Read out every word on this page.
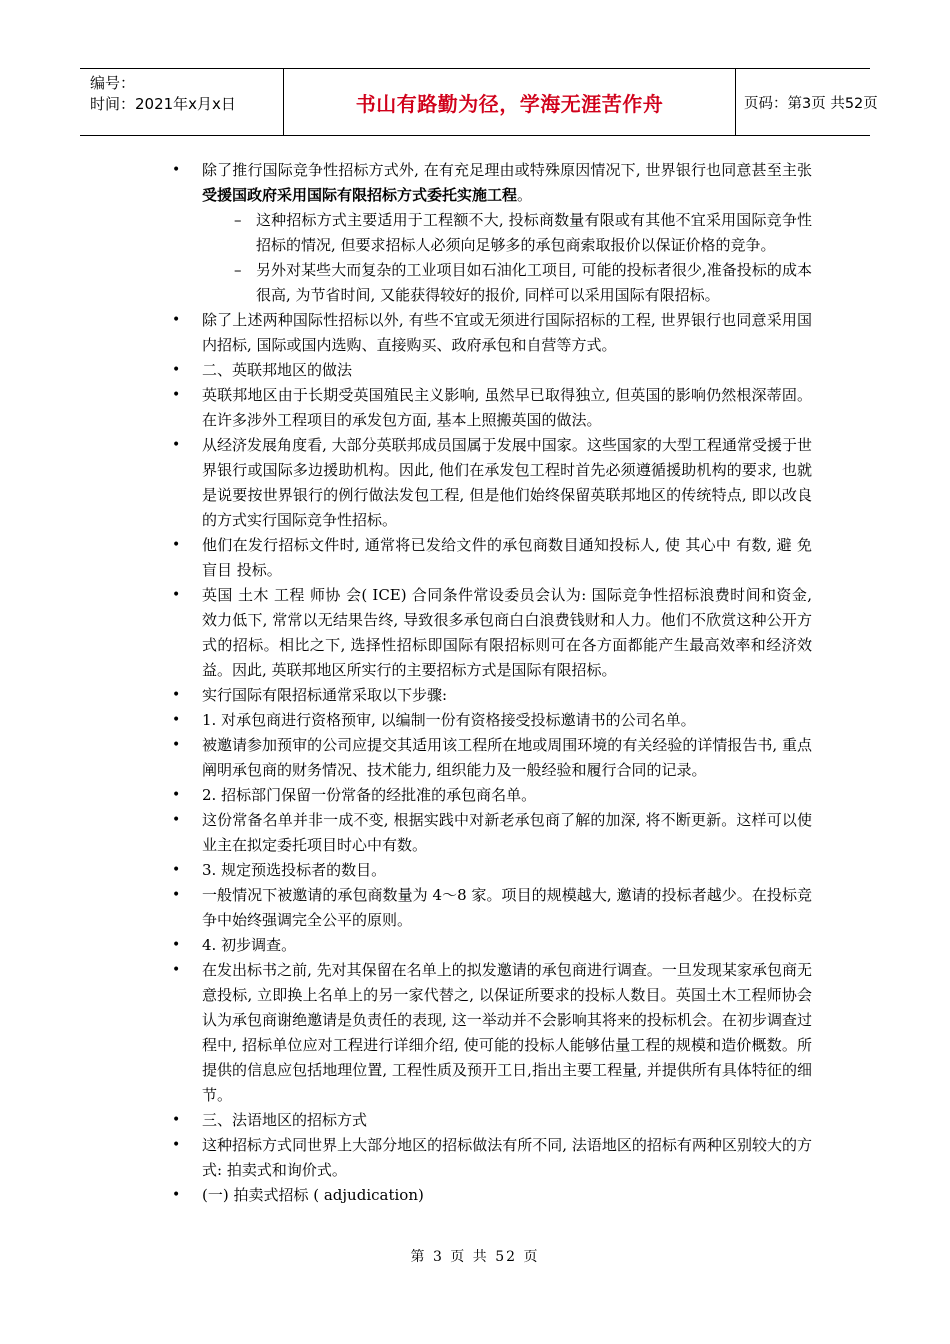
编号：
时间：2021年x月x日	书山有路勤为径，学海无涯苦作舟	页码：第3页 共52页
• 除了推行国际竞争性招标方式外, 在有充足理由或特殊原因情况下, 世界银行也同意甚至主张受援国政府采用国际有限招标方式委托实施工程。
– 这种招标方式主要适用于工程额不大, 投标商数量有限或有其他不宜采用国际竞争性招标的情况, 但要求招标人必须向足够多的承包商索取报价以保证价格的竞争。
– 另外对某些大而复杂的工业项目如石油化工项目, 可能的投标者很少,准备投标的成本很高, 为节省时间, 又能获得较好的报价, 同样可以采用国际有限招标。
• 除了上述两种国际性招标以外, 有些不宜或无须进行国际招标的工程, 世界银行也同意采用国内招标, 国际或国内选购、直接购买、政府承包和自营等方式。
• 二、英联邦地区的做法
• 英联邦地区由于长期受英国殖民主义影响, 虽然早已取得独立, 但英国的影响仍然根深蒂固。在许多涉外工程项目的承发包方面, 基本上照搬英国的做法。
• 从经济发展角度看, 大部分英联邦成员国属于发展中国家。这些国家的大型工程通常受援于世界银行或国际多边援助机构。因此, 他们在承发包工程时首先必须遵循援助机构的要求, 也就是说要按世界银行的例行做法发包工程, 但是他们始终保留英联邦地区的传统特点, 即以改良的方式实行国际竞争性招标。
• 他们在发行招标文件时, 通常将已发给文件的承包商数目通知投标人, 使 其心中 有数, 避 免盲目 投标。
• 英国 土木 工程 师协 会( ICE) 合同条件常设委员会认为: 国际竞争性招标浪费时间和资金, 效力低下, 常常以无结果告终, 导致很多承包商白白浪费钱财和人力。他们不欣赏这种公开方式的招标。相比之下, 选择性招标即国际有限招标则可在各方面都能产生最高效率和经济效益。因此, 英联邦地区所实行的主要招标方式是国际有限招标。
• 实行国际有限招标通常采取以下步骤:
• 1. 对承包商进行资格预审, 以编制一份有资格接受投标邀请书的公司名单。
• 被邀请参加预审的公司应提交其适用该工程所在地或周围环境的有关经验的详情报告书, 重点阐明承包商的财务情况、技术能力, 组织能力及一般经验和履行合同的记录。
• 2. 招标部门保留一份常备的经批准的承包商名单。
• 这份常备名单并非一成不变, 根据实践中对新老承包商了解的加深, 将不断更新。这样可以使业主在拟定委托项目时心中有数。
• 3. 规定预选投标者的数目。
• 一般情况下被邀请的承包商数量为 4～8 家。项目的规模越大, 邀请的投标者越少。在投标竞争中始终强调完全公平的原则。
• 4. 初步调查。
• 在发出标书之前, 先对其保留在名单上的拟发邀请的承包商进行调查。一旦发现某家承包商无意投标, 立即换上名单上的另一家代替之, 以保证所要求的投标人数目。英国土木工程师协会认为承包商谢绝邀请是负责任的表现, 这一举动并不会影响其将来的投标机会。在初步调查过程中, 招标单位应对工程进行详细介绍, 使可能的投标人能够估量工程的规模和造价概数。所提供的信息应包括地理位置, 工程性质及预开工日,指出主要工程量, 并提供所有具体特征的细节。
• 三、法语地区的招标方式
• 这种招标方式同世界上大部分地区的招标做法有所不同, 法语地区的招标有两种区别较大的方式: 拍卖式和询价式。
• (一) 拍卖式招标 ( adjudication)
第 3 页 共 52 页
